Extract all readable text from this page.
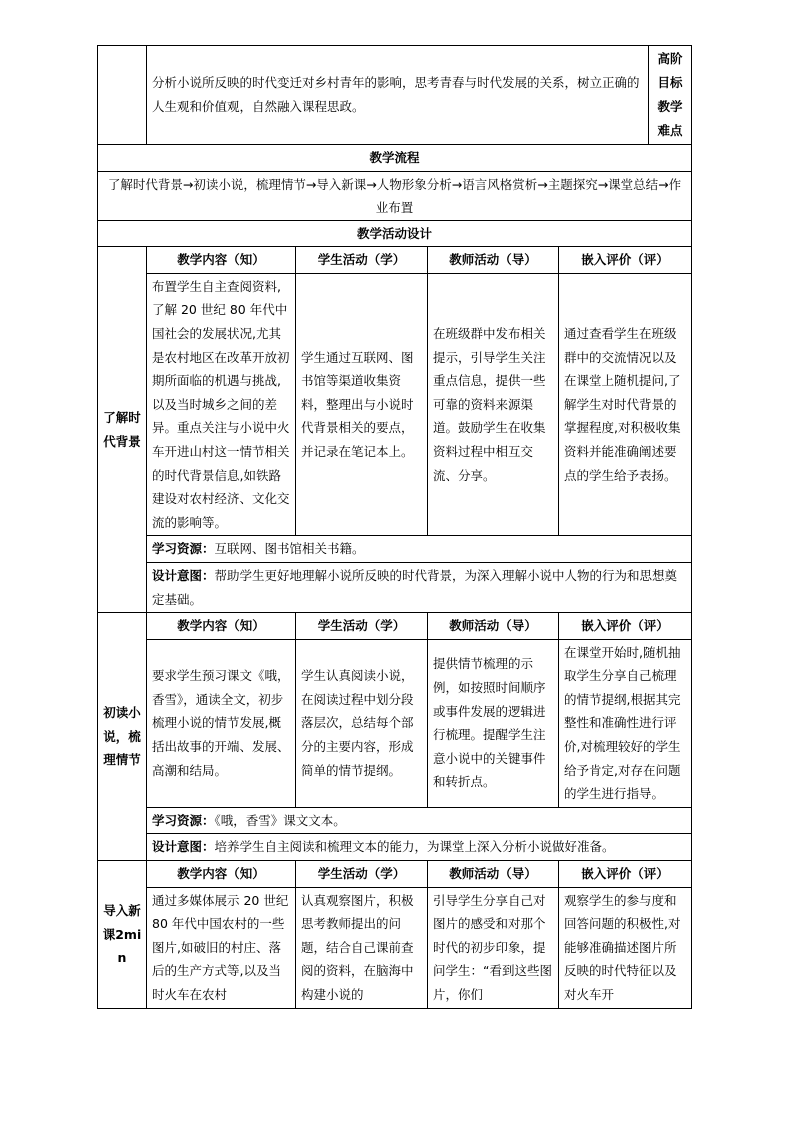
	分析小说所反映的时代变迁对乡村青年的影响，思考青春与时代发展的关系，树立正确的人生观和价值观，自然融入课程思政。				高阶目标教学难点
教学流程					
了解时代背景→初读小说，梳理情节→导入新课→人物形象分析→语言风格赏析→主题探究→课堂总结→作业布置					
教学活动设计					
了解时代背景	教学内容（知）	学生活动（学）	教师活动（导）	嵌入评价（评）	
	布置学生自主查阅资料,了解 20 世纪 80 年代中国社会的发展状况,尤其是农村地区在改革开放初期所面临的机遇与挑战,以及当时城乡之间的差异。重点关注与小说中火车开进山村这一情节相关的时代背景信息,如铁路建设对农村经济、文化交流的影响等。	学生通过互联网、图书馆等渠道收集资料，整理出与小说时代背景相关的要点，并记录在笔记本上。	在班级群中发布相关提示，引导学生关注重点信息，提供一些可靠的资料来源渠道。鼓励学生在收集资料过程中相互交流、分享。	通过查看学生在班级群中的交流情况以及在课堂上随机提问,了解学生对时代背景的掌握程度,对积极收集资料并能准确阐述要点的学生给予表扬。	
	学习资源：互联网、图书馆相关书籍。				
	设计意图：帮助学生更好地理解小说所反映的时代背景，为深入理解小说中人物的行为和思想奠定基础。				
初读小说，梳理情节	教学内容（知）	学生活动（学）	教师活动（导）	嵌入评价（评）	
	要求学生预习课文《哦，香雪》，通读全文，初步梳理小说的情节发展,概括出故事的开端、发展、高潮和结局。	学生认真阅读小说，在阅读过程中划分段落层次，总结每个部分的主要内容，形成简单的情节提纲。	提供情节梳理的示例，如按照时间顺序或事件发展的逻辑进行梳理。提醒学生注意小说中的关键事件和转折点。	在课堂开始时,随机抽取学生分享自己梳理的情节提纲,根据其完整性和准确性进行评价,对梳理较好的学生给予肯定,对存在问题的学生进行指导。	
	学习资源：《哦，香雪》课文文本。				
	设计意图：培养学生自主阅读和梳理文本的能力，为课堂上深入分析小说做好准备。				
导入新课2min	教学内容（知）	学生活动（学）	教师活动（导）	嵌入评价（评）	
	通过多媒体展示 20 世纪 80 年代中国农村的一些图片,如破旧的村庄、落后的生产方式等,以及当时火车在农村	认真观察图片，积极思考教师提出的问题，结合自己课前查阅的资料，在脑海中构建小说的	引导学生分享自己对图片的感受和对那个时代的初步印象，提问学生：“看到这些图片，你们	观察学生的参与度和回答问题的积极性,对能够准确描述图片所反映的时代特征以及对火车开	
